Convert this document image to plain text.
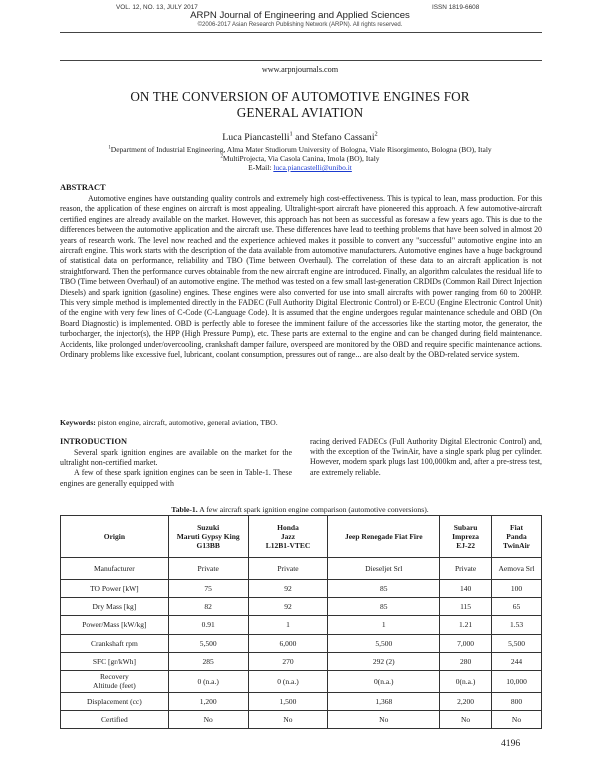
VOL. 12, NO. 13, JULY 2017	ISSN 1819-6608
ARPN Journal of Engineering and Applied Sciences
©2006-2017 Asian Research Publishing Network (ARPN). All rights reserved.
www.arpnjournals.com
ON THE CONVERSION OF AUTOMOTIVE ENGINES FOR
GENERAL AVIATION
Luca Piancastelli$^1$ and Stefano Cassani$^2$
$^1$Department of Industrial Engineering, Alma Mater Studiorum University of Bologna, Viale Risorgimento, Bologna (BO), Italy
$^2$MultiProjecta, Via Casola Canina, Imola (BO), Italy
E-Mail: luca.piancastelli@unibo.it
ABSTRACT

Automotive engines have outstanding quality controls and extremely high cost-effectiveness. This is typical to lean, mass production. For this reason, the application of these engines on aircraft is most appealing. Ultralight-sport aircraft have pioneered this approach. A few automotive-aircraft certified engines are already available on the market. However, this approach has not been as successful as foresaw a few years ago. This is due to the differences between the automotive application and the aircraft use. These differences have lead to teething problems that have been solved in almost 20 years of research work. The level now reached and the experience achieved makes it possible to convert any "successful" automotive engine into an aircraft engine. This work starts with the description of the data available from automotive manufacturers. Automotive engines have a huge background of statistical data on performance, reliability and TBO (Time between Overhaul). The correlation of these data to an aircraft application is not straightforward. Then the performance curves obtainable from the new aircraft engine are introduced. Finally, an algorithm calculates the residual life to TBO (Time between Overhaul) of an automotive engine. The method was tested on a few small last-generation CRDIDs (Common Rail Direct Injection Diesels) and spark ignition (gasoline) engines. These engines were also converted for use into small aircrafts with power ranging from 60 to 200HP. This very simple method is implemented directly in the FADEC (Full Authority Digital Electronic Control) or E-ECU (Engine Electronic Control Unit) of the engine with very few lines of C-Code (C-Language Code). It is assumed that the engine undergoes regular maintenance schedule and OBD (On Board Diagnostic) is implemented. OBD is perfectly able to foresee the imminent failure of the accessories like the starting motor, the generator, the turbocharger, the injector(s), the HPP (High Pressure Pump), etc. These parts are external to the engine and can be changed during field maintenance. Accidents, like prolonged under/overcooling, crankshaft damper failure, overspeed are monitored by the OBD and require specific maintenance actions. Ordinary problems like excessive fuel, lubricant, coolant consumption, pressures out of range... are also dealt by the OBD-related service system.

Keywords: piston engine, aircraft, automotive, general aviation, TBO.
INTRODUCTION

Several spark ignition engines are available on the market for the ultralight non-certified market.

A few of these spark ignition engines can be seen in Table-1. These engines are generally equipped with

racing derived FADECs (Full Authority Digital Electronic Control) and, with the exception of the TwinAir, have a single spark plug per cylinder. However, modern spark plugs last 100,000km and, after a pre-stress test, are extremely reliable.

Table-1. A few aircraft spark ignition engine comparison (automotive conversions).
Origin	Suzuki
Maruti Gypsy King
G13BB	Honda
Jazz
L12B1-VTEC	Jeep Renegade Fiat Fire	Subaru
Impreza
EJ-22	Fiat
Panda
TwinAir
Manufacturer	Private	Private	Dieseljet Srl	Private	Aemova Srl
TO Power [kW]	75	92	85	140	100
Dry Mass [kg]	82	92	85	115	65
Power/Mass [kW/kg]	0.91	1	1	1.21	1.53
Crankshaft rpm	5,500	6,000	5,500	7,000	5,500
SFC [gr/kWh]	285	270	292 (2)	280	244
Recovery
Altitude (feet)	0 (n.a.)	0 (n.a.)	0(n.a.)	0(n.a.)	10,000
Displacement (cc)	1,200	1,500	1,368	2,200	800
Certified	No	No	No	No	No
4196
